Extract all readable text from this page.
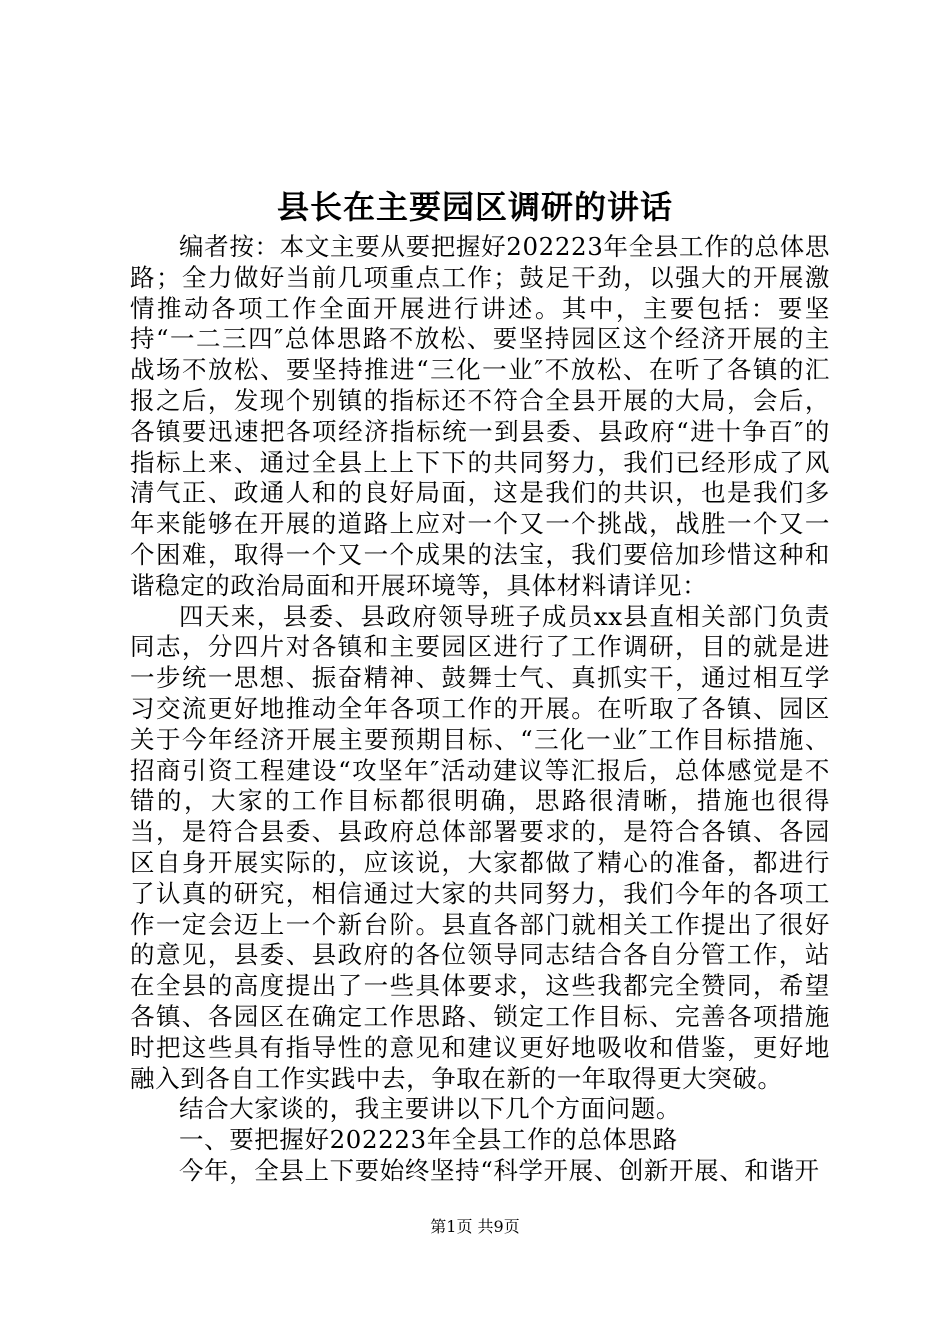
县长在主要园区调研的讲话

编者按：本文主要从要把握好202223年全县工作的总体思路；全力做好当前几项重点工作；鼓足干劲，以强大的开展激情推动各项工作全面开展进行讲述。其中，主要包括：要坚持“一二三四″总体思路不放松、要坚持园区这个经济开展的主战场不放松、要坚持推进“三化一业″不放松、在听了各镇的汇报之后，发现个别镇的指标还不符合全县开展的大局，会后，各镇要迅速把各项经济指标统一到县委、县政府“进十争百″的指标上来、通过全县上上下下的共同努力，我们已经形成了风清气正、政通人和的良好局面，这是我们的共识，也是我们多年来能够在开展的道路上应对一个又一个挑战，战胜一个又一个困难，取得一个又一个成果的法宝，我们要倍加珍惜这种和谐稳定的政治局面和开展环境等，具体材料请详见：

四天来，县委、县政府领导班子成员xx县直相关部门负责同志，分四片对各镇和主要园区进行了工作调研，目的就是进一步统一思想、振奋精神、鼓舞士气、真抓实干，通过相互学习交流更好地推动全年各项工作的开展。在听取了各镇、园区关于今年经济开展主要预期目标、“三化一业″工作目标措施、招商引资工程建设“攻坚年″活动建议等汇报后，总体感觉是不错的，大家的工作目标都很明确，思路很清晰，措施也很得当，是符合县委、县政府总体部署要求的，是符合各镇、各园区自身开展实际的，应该说，大家都做了精心的准备，都进行了认真的研究，相信通过大家的共同努力，我们今年的各项工作一定会迈上一个新台阶。县直各部门就相关工作提出了很好的意见，县委、县政府的各位领导同志结合各自分管工作，站在全县的高度提出了一些具体要求，这些我都完全赞同，希望各镇、各园区在确定工作思路、锁定工作目标、完善各项措施时把这些具有指导性的意见和建议更好地吸收和借鉴，更好地融入到各自工作实践中去，争取在新的一年取得更大突破。

结合大家谈的，我主要讲以下几个方面问题。

一、要把握好202223年全县工作的总体思路

今年，全县上下要始终坚持“科学开展、创新开展、和谐开

第1页 共9页
